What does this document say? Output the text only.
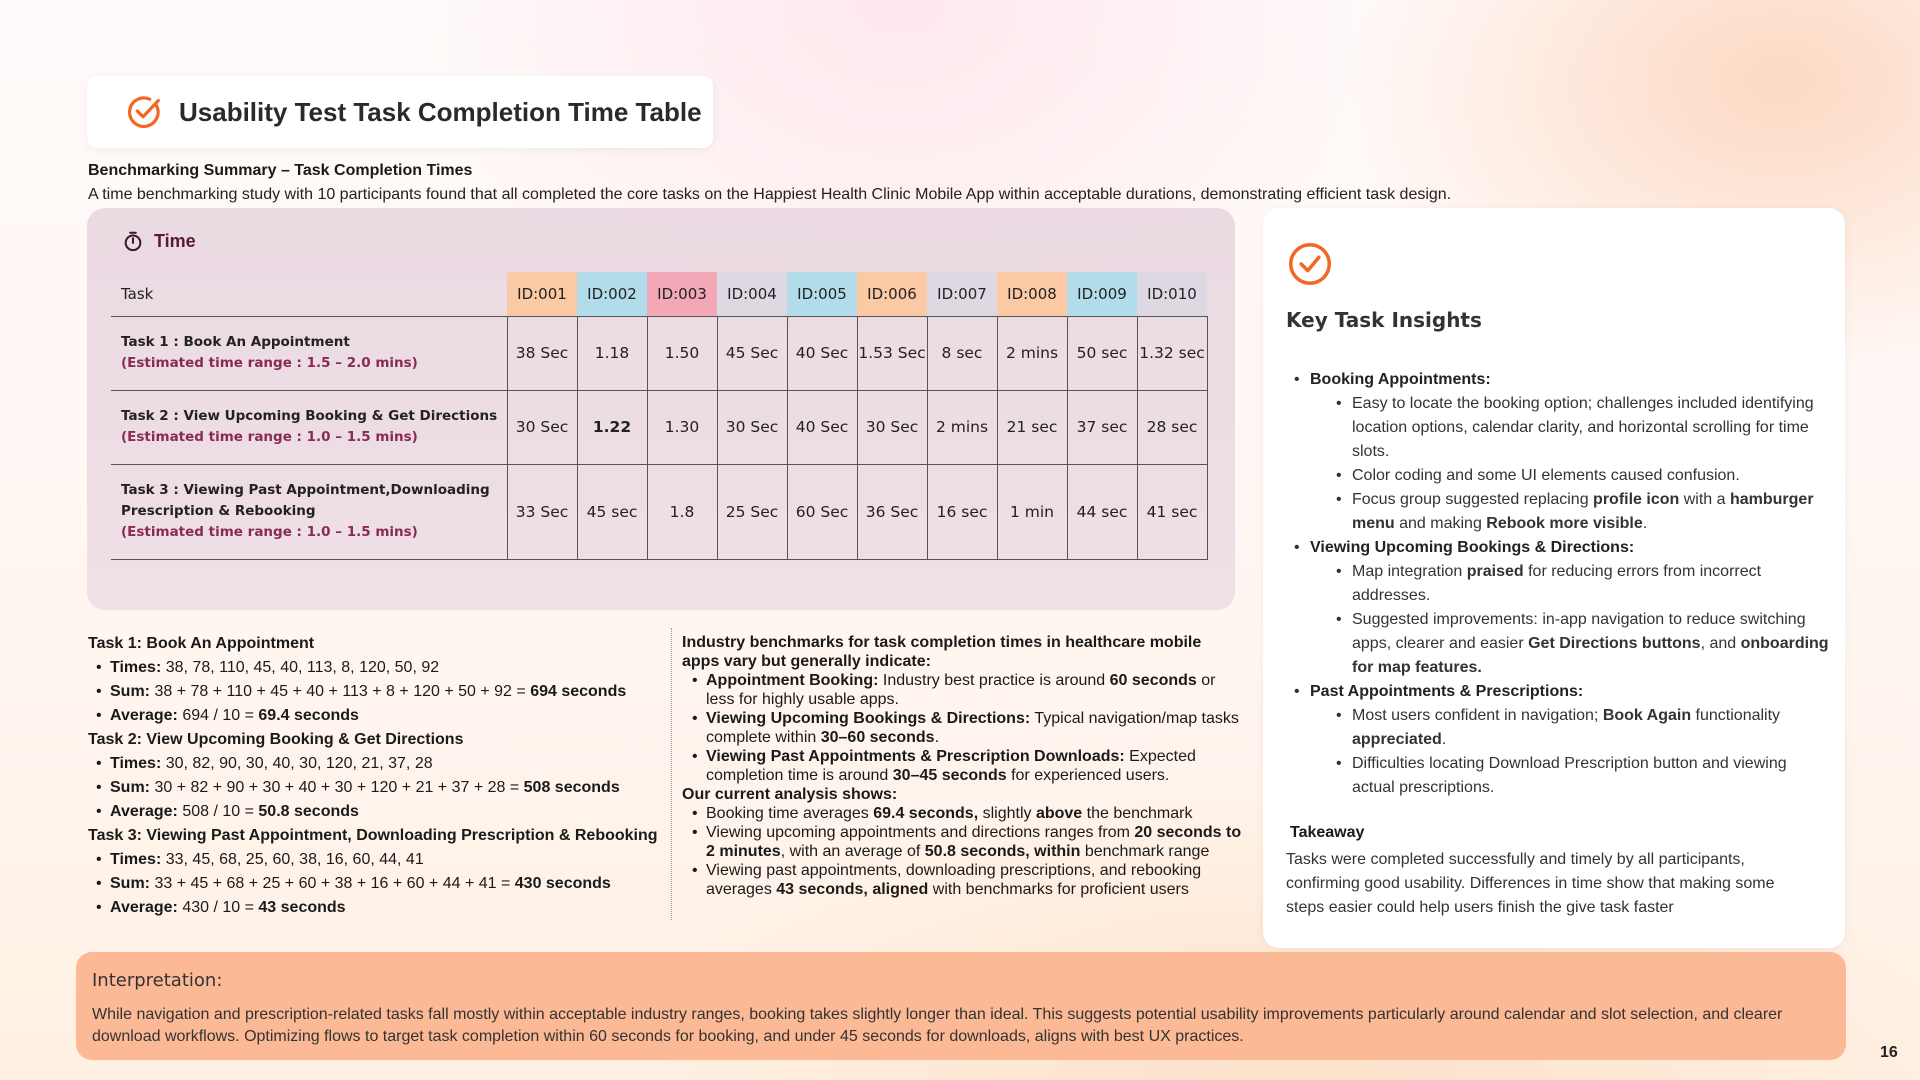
Usability Test Task Completion Time Table
Benchmarking Summary – Task Completion Times
A time benchmarking study with 10 participants found that all completed the core tasks on the Happiest Health Clinic Mobile App within acceptable durations, demonstrating efficient task design.
Time
Task	ID:001	ID:002	ID:003	ID:004	ID:005	ID:006	ID:007	ID:008	ID:009	ID:010

Task 1 : Book An Appointment
(Estimated time range : 1.5 – 2.0 mins)	38 Sec	1.18	1.50	45 Sec	40 Sec	1.53 Sec	8 sec	2 mins	50 sec	1.32 sec

Task 2 : View Upcoming Booking & Get Directions
(Estimated time range : 1.0 – 1.5 mins)	30 Sec	1.22	1.30	30 Sec	40 Sec	30 Sec	2 mins	21 sec	37 sec	28 sec

Task 3 : Viewing Past Appointment,Downloading Prescription & Rebooking
(Estimated time range : 1.0 – 1.5 mins)	33 Sec	45 sec	1.8	25 Sec	60 Sec	36 Sec	16 sec	1 min	44 sec	41 sec
Task 1: Book An Appointment
• Times: 38, 78, 110, 45, 40, 113, 8, 120, 50, 92
• Sum: 38 + 78 + 110 + 45 + 40 + 113 + 8 + 120 + 50 + 92 = 694 seconds
• Average: 694 / 10 = 69.4 seconds
Task 2: View Upcoming Booking & Get Directions
• Times: 30, 82, 90, 30, 40, 30, 120, 21, 37, 28
• Sum: 30 + 82 + 90 + 30 + 40 + 30 + 120 + 21 + 37 + 28 = 508 seconds
• Average: 508 / 10 = 50.8 seconds
Task 3: Viewing Past Appointment, Downloading Prescription & Rebooking
• Times: 33, 45, 68, 25, 60, 38, 16, 60, 44, 41
• Sum: 33 + 45 + 68 + 25 + 60 + 38 + 16 + 60 + 44 + 41 = 430 seconds
• Average: 430 / 10 = 43 seconds
Industry benchmarks for task completion times in healthcare mobile apps vary but generally indicate:
• Appointment Booking: Industry best practice is around 60 seconds or less for highly usable apps.
• Viewing Upcoming Bookings & Directions: Typical navigation/map tasks complete within 30–60 seconds.
• Viewing Past Appointments & Prescription Downloads: Expected completion time is around 30–45 seconds for experienced users.
Our current analysis shows:
• Booking time averages 69.4 seconds, slightly above the benchmark
• Viewing upcoming appointments and directions ranges from 20 seconds to 2 minutes, with an average of 50.8 seconds, within benchmark range
• Viewing past appointments, downloading prescriptions, and rebooking averages 43 seconds, aligned with benchmarks for proficient users
Key Task Insights
• Booking Appointments:
• Easy to locate the booking option; challenges included identifying location options, calendar clarity, and horizontal scrolling for time slots.
• Color coding and some UI elements caused confusion.
• Focus group suggested replacing profile icon with a hamburger menu and making Rebook more visible.
• Viewing Upcoming Bookings & Directions:
• Map integration praised for reducing errors from incorrect addresses.
• Suggested improvements: in-app navigation to reduce switching apps, clearer and easier Get Directions buttons, and onboarding for map features.
• Past Appointments & Prescriptions:
• Most users confident in navigation; Book Again functionality appreciated.
• Difficulties locating Download Prescription button and viewing actual prescriptions.
Takeaway
Tasks were completed successfully and timely by all participants, confirming good usability. Differences in time show that making some steps easier could help users finish the give task faster
Interpretation:
While navigation and prescription-related tasks fall mostly within acceptable industry ranges, booking takes slightly longer than ideal. This suggests potential usability improvements particularly around calendar and slot selection, and clearer download workflows. Optimizing flows to target task completion within 60 seconds for booking, and under 45 seconds for downloads, aligns with best UX practices.
16
